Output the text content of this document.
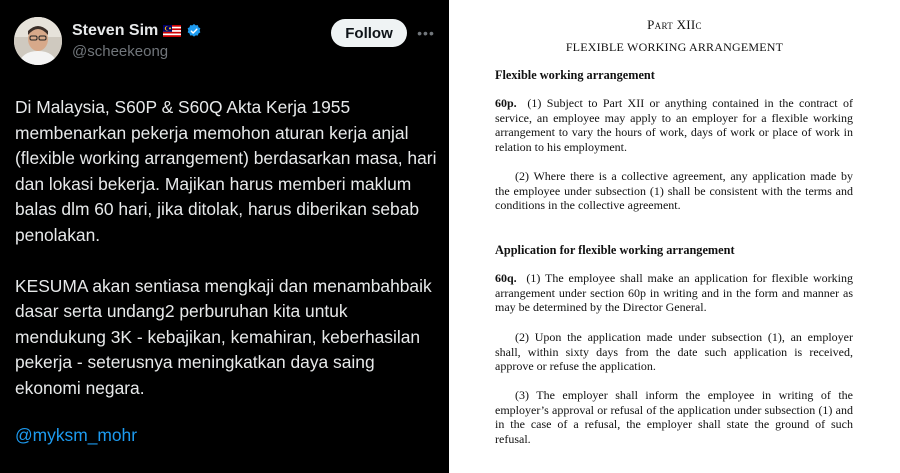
Steven Sim
@scheekeong
Follow	•••

Di Malaysia, S60P & S60Q Akta Kerja 1955 membenarkan pekerja memohon aturan kerja anjal (flexible working arrangement) berdasarkan masa, hari dan lokasi bekerja. Majikan harus memberi maklum balas dlm 60 hari, jika ditolak, harus diberikan sebab penolakan.

KESUMA akan sentiasa mengkaji dan menambahbaik dasar serta undang2 perburuhan kita untuk mendukung 3K - kebajikan, kemahiran, keberhasilan pekerja - seterusnya meningkatkan daya saing ekonomi negara.

@myksm_mohr
Part XIIc
FLEXIBLE WORKING ARRANGEMENT
Flexible working arrangement
60p. (1) Subject to Part XII or anything contained in the contract of service, an employee may apply to an employer for a flexible working arrangement to vary the hours of work, days of work or place of work in relation to his employment.
(2) Where there is a collective agreement, any application made by the employee under subsection (1) shall be consistent with the terms and conditions in the collective agreement.
Application for flexible working arrangement
60q. (1) The employee shall make an application for flexible working arrangement under section 60p in writing and in the form and manner as may be determined by the Director General.
(2) Upon the application made under subsection (1), an employer shall, within sixty days from the date such application is received, approve or refuse the application.
(3) The employer shall inform the employee in writing of the employer’s approval or refusal of the application under subsection (1) and in the case of a refusal, the employer shall state the ground of such refusal.
